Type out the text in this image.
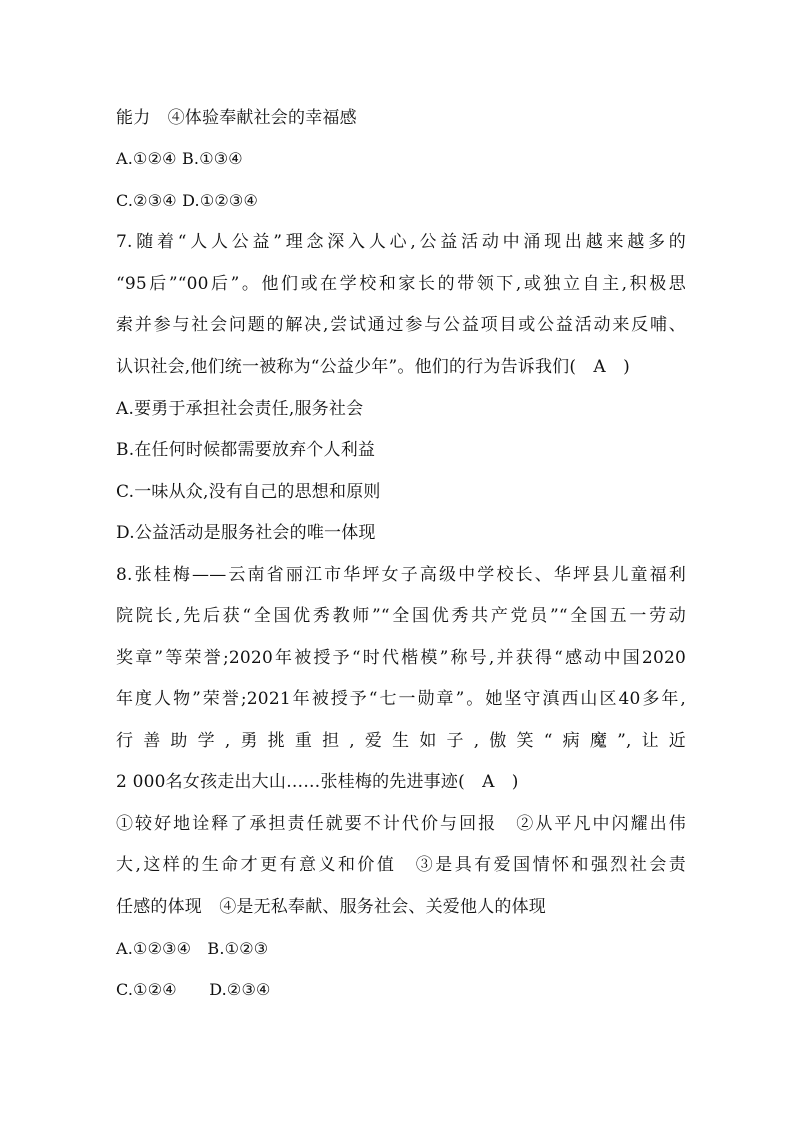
能力　④体验奉献社会的幸福感
A.①②④ B.①③④
C.②③④ D.①②③④
7.随着“人人公益”理念深入人心,公益活动中涌现出越来越多的
“95后”“00后”。他们或在学校和家长的带领下,或独立自主,积极思
索并参与社会问题的解决,尝试通过参与公益项目或公益活动来反哺、
认识社会,他们统一被称为“公益少年”。他们的行为告诉我们(　A　)
A.要勇于承担社会责任,服务社会
B.在任何时候都需要放弃个人利益
C.一味从众,没有自己的思想和原则
D.公益活动是服务社会的唯一体现
8.张桂梅——云南省丽江市华坪女子高级中学校长、华坪县儿童福利
院院长,先后获“全国优秀教师”“全国优秀共产党员”“全国五一劳动
奖章”等荣誉;2020年被授予“时代楷模”称号,并获得“感动中国2020
年度人物”荣誉;2021年被授予“七一勋章”。她坚守滇西山区40多年,
行善助学,勇挑重担,爱生如子,傲笑“病魔”,让近
2 000名女孩走出大山……张桂梅的先进事迹(　A　)
①较好地诠释了承担责任就要不计代价与回报　②从平凡中闪耀出伟
大,这样的生命才更有意义和价值　③是具有爱国情怀和强烈社会责
任感的体现　④是无私奉献、服务社会、关爱他人的体现
A.①②③④　B.①②③
C.①②④　　D.②③④
